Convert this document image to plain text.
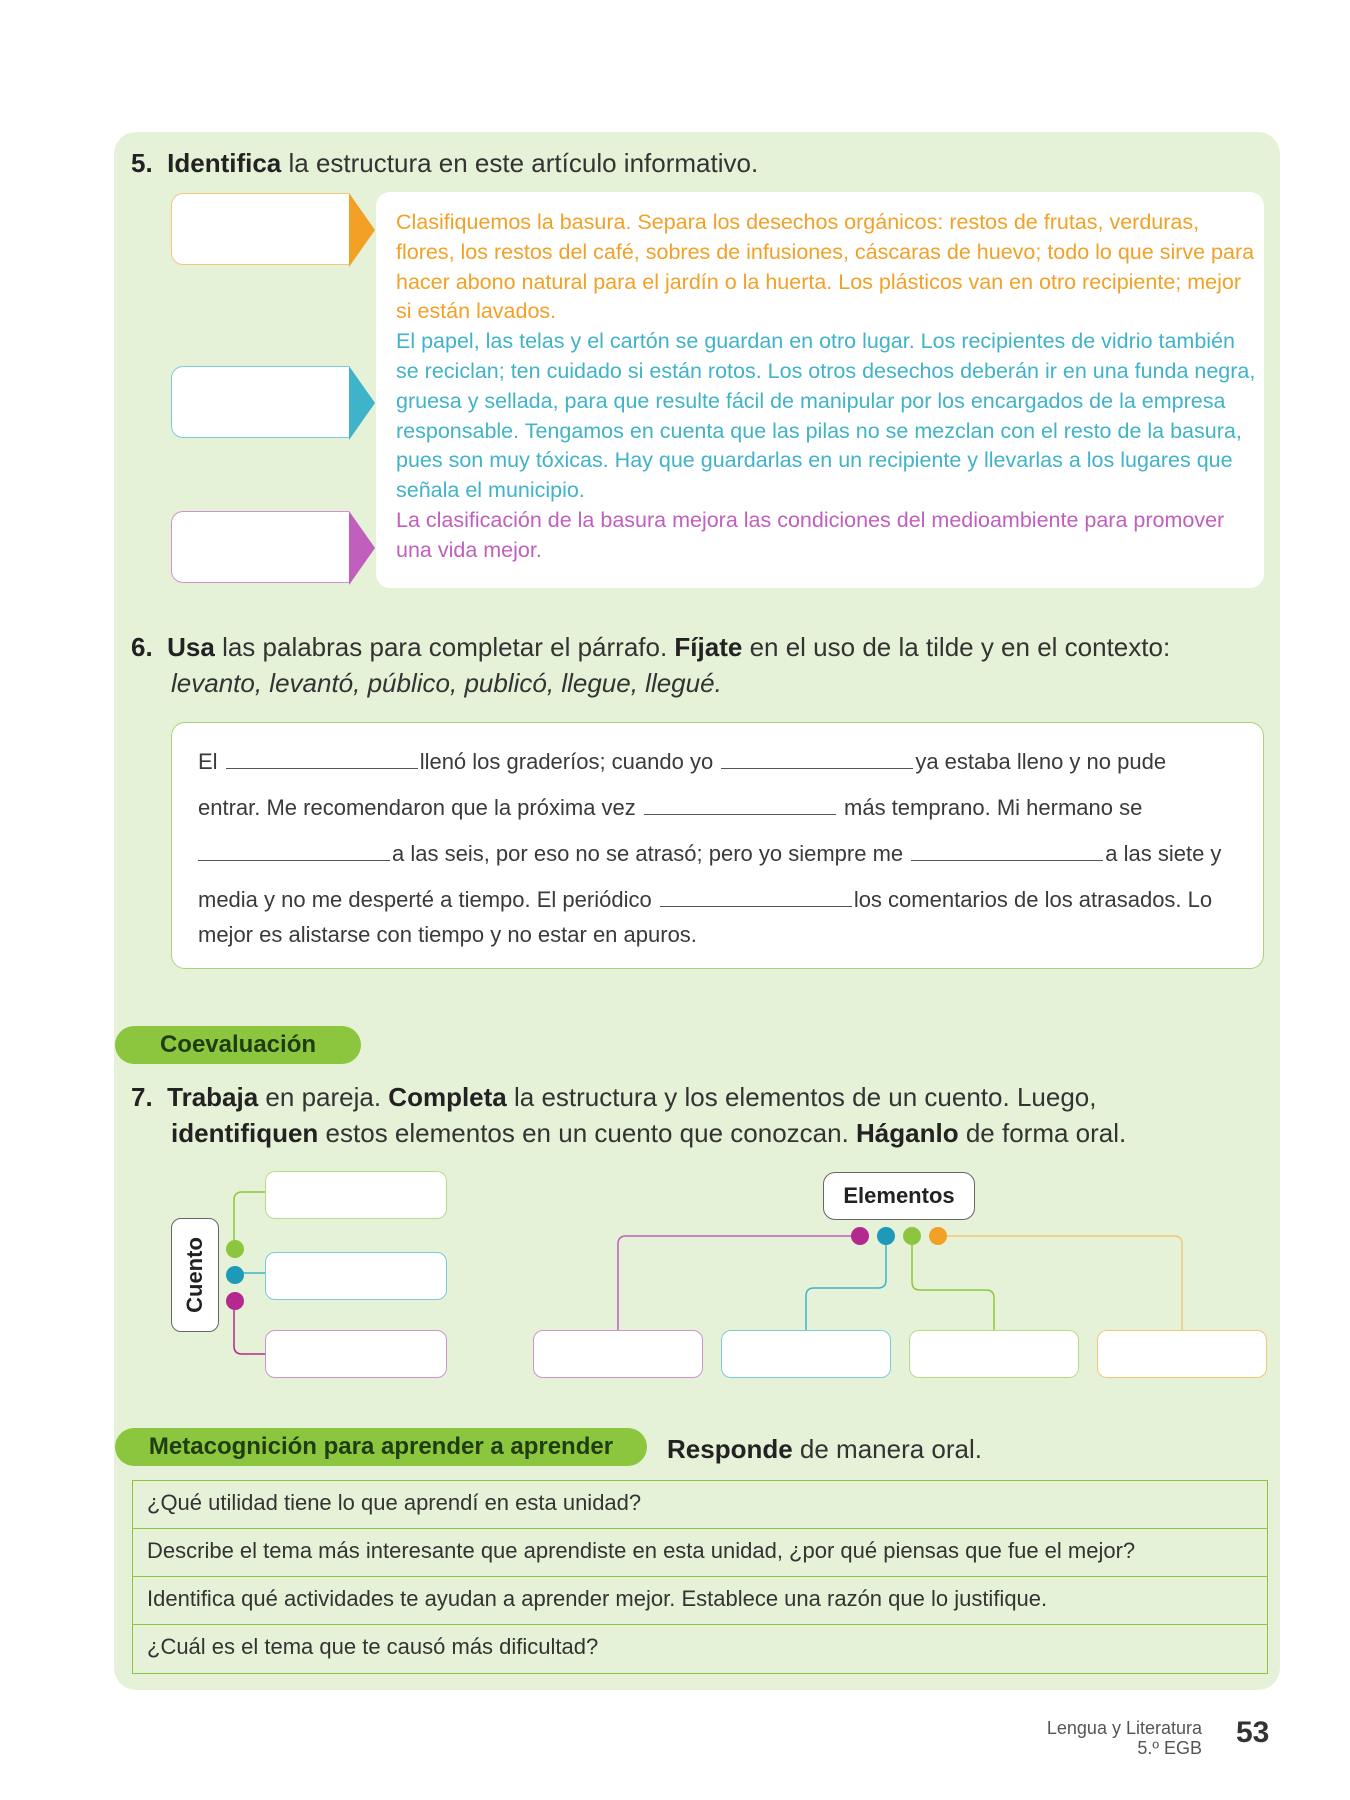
5. Identifica la estructura en este artículo informativo.
Clasifiquemos la basura. Separa los desechos orgánicos: restos de frutas, verduras, flores, los restos del café, sobres de infusiones, cáscaras de huevo; todo lo que sirve para hacer abono natural para el jardín o la huerta. Los plásticos van en otro recipiente; mejor si están lavados.
El papel, las telas y el cartón se guardan en otro lugar. Los recipientes de vidrio también se reciclan; ten cuidado si están rotos. Los otros desechos deberán ir en una funda negra, gruesa y sellada, para que resulte fácil de manipular por los encargados de la empresa responsable. Tengamos en cuenta que las pilas no se mezclan con el resto de la basura, pues son muy tóxicas. Hay que guardarlas en un recipiente y llevarlas a los lugares que señala el municipio.
La clasificación de la basura mejora las condiciones del medioambiente para promover una vida mejor.
6. Usa las palabras para completar el párrafo. Fíjate en el uso de la tilde y en el contexto:
levanto, levantó, público, publicó, llegue, llegué.
El	llenó los graderíos; cuando yo	ya estaba lleno y no pude
entrar. Me recomendaron que la próxima vez	más temprano. Mi hermano se
a las seis, por eso no se atrasó; pero yo siempre me	a las siete y
media y no me desperté a tiempo. El periódico	los comentarios de los atrasados. Lo
mejor es alistarse con tiempo y no estar en apuros.
Coevaluación
7. Trabaja en pareja. Completa la estructura y los elementos de un cuento. Luego,
identifiquen estos elementos en un cuento que conozcan. Háganlo de forma oral.
Cuento
Elementos
Metacognición para aprender a aprender	Responde de manera oral.
¿Qué utilidad tiene lo que aprendí en esta unidad?
Describe el tema más interesante que aprendiste en esta unidad, ¿por qué piensas que fue el mejor?
Identifica qué actividades te ayudan a aprender mejor. Establece una razón que lo justifique.
¿Cuál es el tema que te causó más dificultad?
Lengua y Literatura
5.º EGB 53
